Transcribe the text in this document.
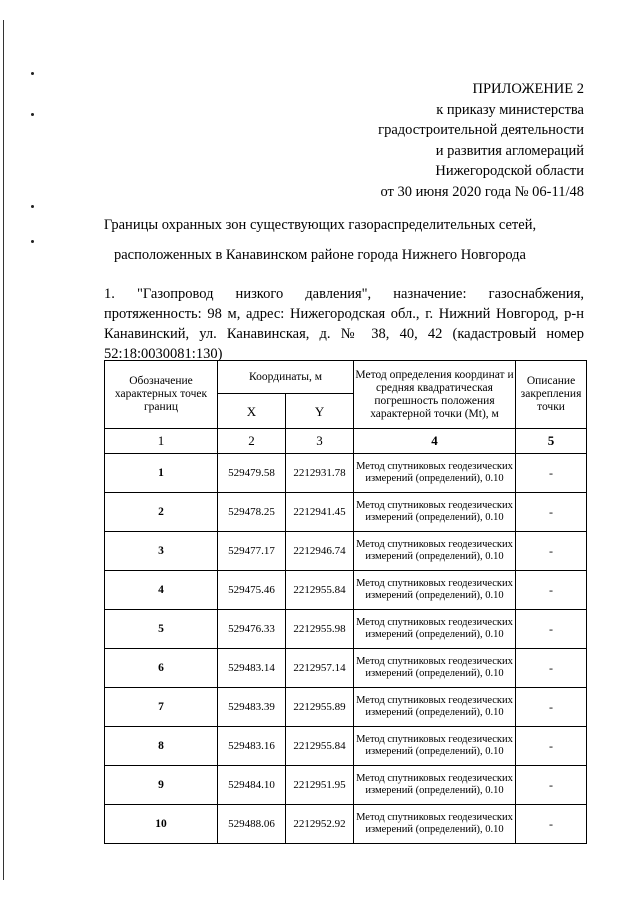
ПРИЛОЖЕНИЕ 2
к приказу министерства
градостроительной деятельности
и развития агломераций
Нижегородской области
от 30 июня 2020 года № 06-11/48

Границы охранных зон существующих газораспределительных сетей,

расположенных в Канавинском районе города Нижнего Новгорода

1. "Газопровод низкого давления", назначение: газоснабжения, протяженность: 98 м, адрес: Нижегородская обл., г. Нижний Новгород, р-н Канавинский, ул. Канавинская, д. № 38, 40, 42 (кадастровый номер 52:18:0030081:130)
Обозначение характерных точек границ	Координаты, м		Метод определения координат и средняя квадратическая погрешность положения характерной точки (Mt), м	Описание закрепления точки
	X	Y		
1	2	3	4	5
1	529479.58	2212931.78	Метод спутниковых геодезических измерений (определений), 0.10	-
2	529478.25	2212941.45	Метод спутниковых геодезических измерений (определений), 0.10	-
3	529477.17	2212946.74	Метод спутниковых геодезических измерений (определений), 0.10	-
4	529475.46	2212955.84	Метод спутниковых геодезических измерений (определений), 0.10	-
5	529476.33	2212955.98	Метод спутниковых геодезических измерений (определений), 0.10	-
6	529483.14	2212957.14	Метод спутниковых геодезических измерений (определений), 0.10	-
7	529483.39	2212955.89	Метод спутниковых геодезических измерений (определений), 0.10	-
8	529483.16	2212955.84	Метод спутниковых геодезических измерений (определений), 0.10	-
9	529484.10	2212951.95	Метод спутниковых геодезических измерений (определений), 0.10	-
10	529488.06	2212952.92	Метод спутниковых геодезических измерений (определений), 0.10	-
